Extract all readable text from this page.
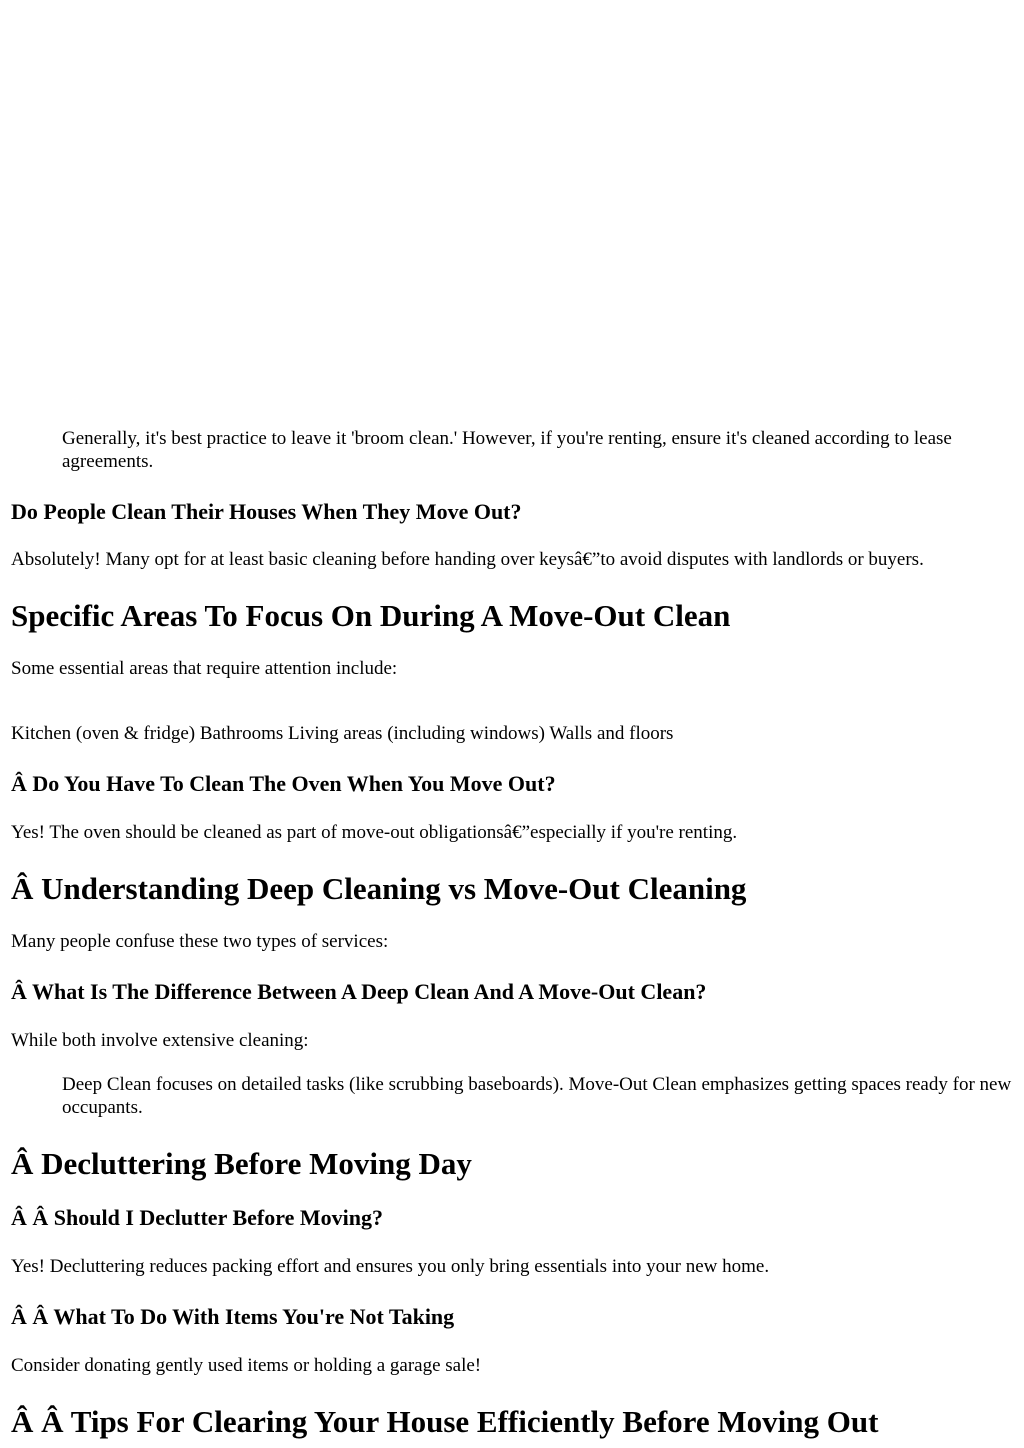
Generally, it's best practice to leave it 'broom clean.' However, if you're renting, ensure it's cleaned according to lease agreements.
Do People Clean Their Houses When They Move Out?

Absolutely! Many opt for at least basic cleaning before handing over keysâ€”to avoid disputes with landlords or buyers.

Specific Areas To Focus On During A Move-Out Clean

Some essential areas that require attention include:

Kitchen (oven & fridge) Bathrooms Living areas (including windows) Walls and floors

Â Do You Have To Clean The Oven When You Move Out?

Yes! The oven should be cleaned as part of move-out obligationsâ€”especially if you're renting.

Â Understanding Deep Cleaning vs Move-Out Cleaning

Many people confuse these two types of services:

Â What Is The Difference Between A Deep Clean And A Move-Out Clean?

While both involve extensive cleaning:

Deep Clean focuses on detailed tasks (like scrubbing baseboards). Move-Out Clean emphasizes getting spaces ready for new occupants.
Â Decluttering Before Moving Day
Â Â Should I Declutter Before Moving?

Yes! Decluttering reduces packing effort and ensures you only bring essentials into your new home.

Â Â What To Do With Items You're Not Taking

Consider donating gently used items or holding a garage sale!

Â Â Tips For Clearing Your House Efficiently Before Moving Out
